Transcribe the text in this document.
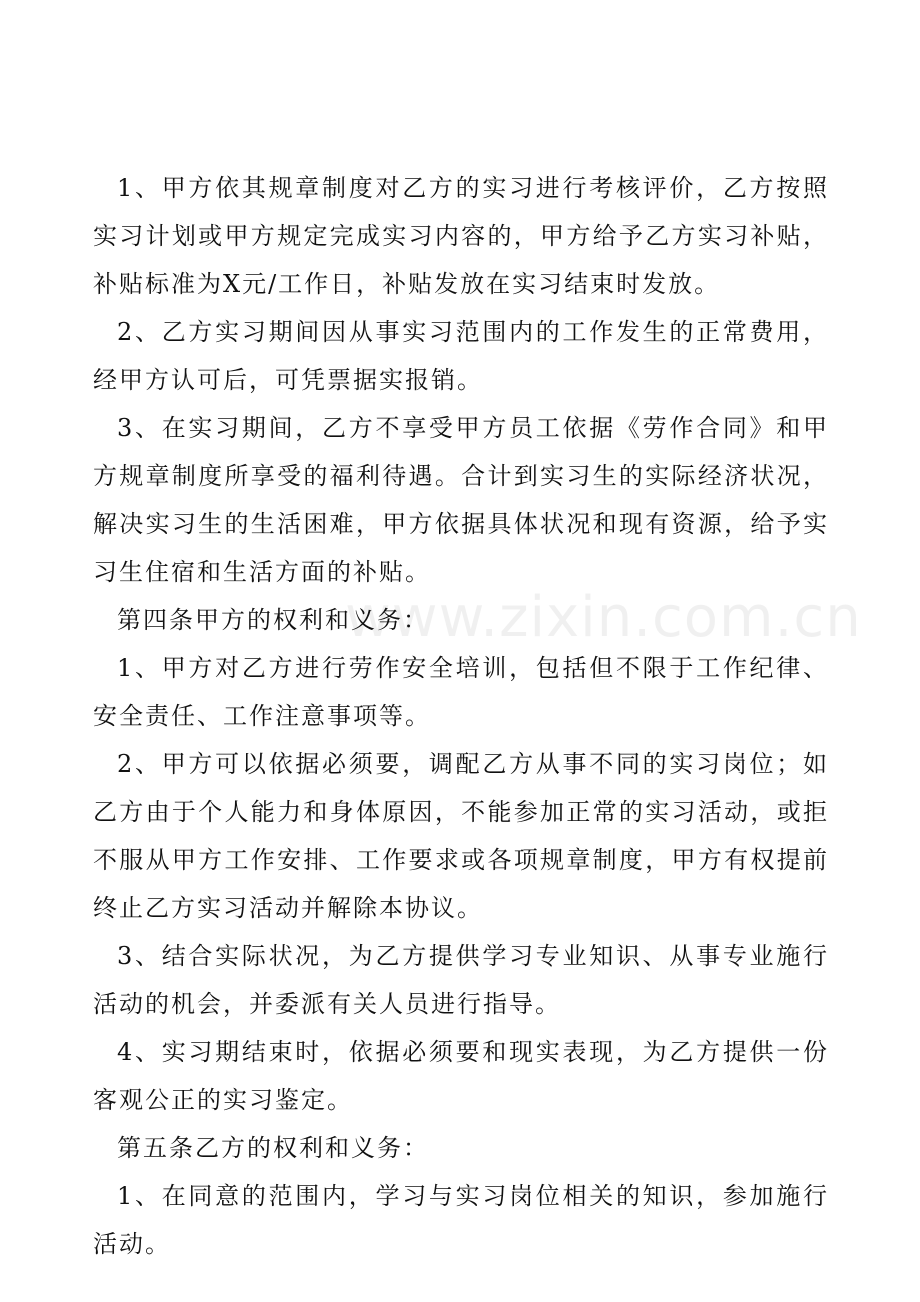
1、甲方依其规章制度对乙方的实习进行考核评价，乙方按照实习计划或甲方规定完成实习内容的，甲方给予乙方实习补贴，补贴标准为X元/工作日，补贴发放在实习结束时发放。

2、乙方实习期间因从事实习范围内的工作发生的正常费用，经甲方认可后，可凭票据实报销。

3、在实习期间，乙方不享受甲方员工依据《劳作合同》和甲方规章制度所享受的福利待遇。合计到实习生的实际经济状况，解决实习生的生活困难，甲方依据具体状况和现有资源，给予实习生住宿和生活方面的补贴。

第四条甲方的权利和义务：

1、甲方对乙方进行劳作安全培训，包括但不限于工作纪律、安全责任、工作注意事项等。

2、甲方可以依据必须要，调配乙方从事不同的实习岗位；如乙方由于个人能力和身体原因，不能参加正常的实习活动，或拒不服从甲方工作安排、工作要求或各项规章制度，甲方有权提前终止乙方实习活动并解除本协议。

3、结合实际状况，为乙方提供学习专业知识、从事专业施行活动的机会，并委派有关人员进行指导。

4、实习期结束时，依据必须要和现实表现，为乙方提供一份客观公正的实习鉴定。

第五条乙方的权利和义务：

1、在同意的范围内，学习与实习岗位相关的知识，参加施行活动。

www.zixin.com.cn
